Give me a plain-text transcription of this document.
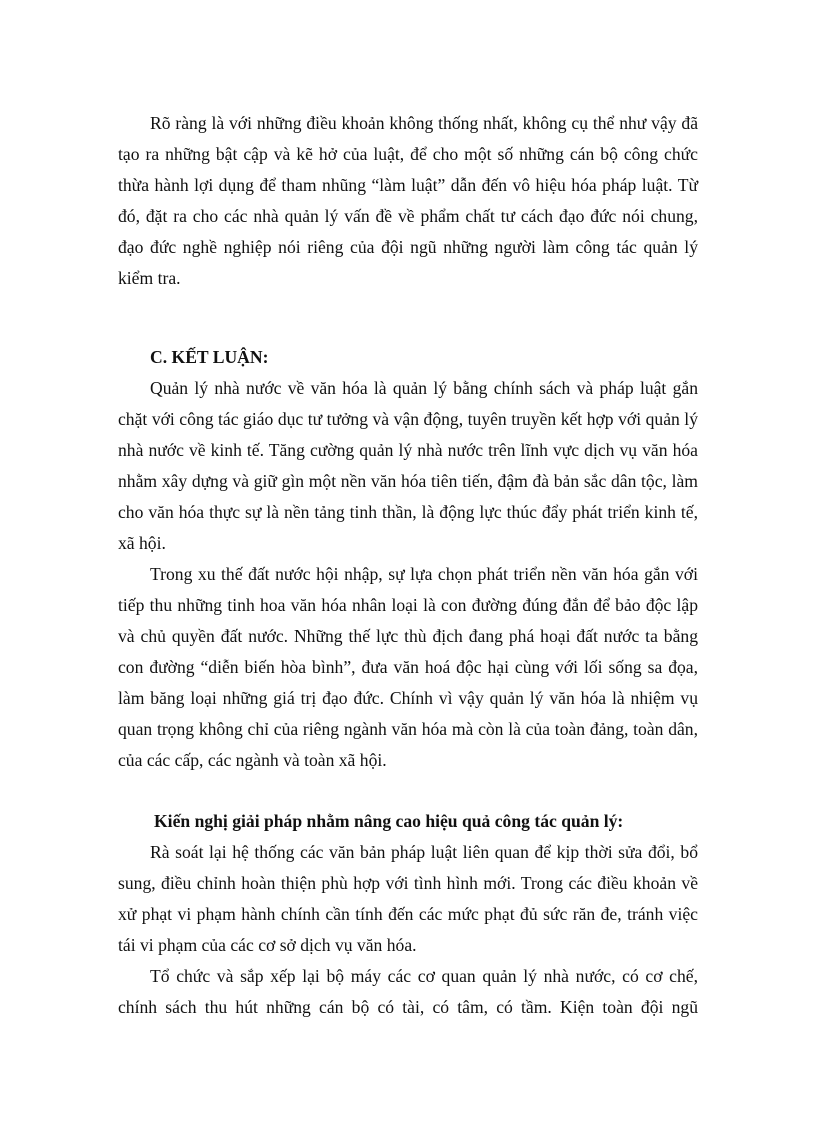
Rõ ràng là với những điều khoản không thống nhất, không cụ thể như vậy đã tạo ra những bật cập và kẽ hở của luật, để cho một số những cán bộ công chức thừa hành lợi dụng để tham nhũng “làm luật” dẫn đến vô hiệu hóa pháp luật. Từ đó, đặt ra cho các nhà quản lý vấn đề về phẩm chất tư cách đạo đức nói chung, đạo đức nghề nghiệp nói riêng của đội ngũ những người làm công tác quản lý kiểm tra.

C. KẾT LUẬN:

Quản lý nhà nước về văn hóa là quản lý bằng chính sách và pháp luật gắn chặt với công tác giáo dục tư tưởng và vận động, tuyên truyền kết hợp với quản lý nhà nước về kinh tế. Tăng cường quản lý nhà nước trên lĩnh vực dịch vụ văn hóa nhằm xây dựng và giữ gìn một nền văn hóa tiên tiến, đậm đà bản sắc dân tộc, làm cho văn hóa thực sự là nền tảng tinh thần, là động lực thúc đẩy phát triển kinh tế, xã hội.

Trong xu thế đất nước hội nhập, sự lựa chọn phát triển nền văn hóa gắn với tiếp thu những tinh hoa văn hóa nhân loại là con đường đúng đắn để bảo độc lập và chủ quyền đất nước. Những thế lực thù địch đang phá hoại đất nước ta bằng con đường “diễn biến hòa bình”, đưa văn hoá độc hại cùng với lối sống sa đọa, làm băng loại những giá trị đạo đức. Chính vì vậy quản lý văn hóa là nhiệm vụ quan trọng không chỉ của riêng ngành văn hóa mà còn là của toàn đảng, toàn dân, của các cấp, các ngành và toàn xã hội.

Kiến nghị giải pháp nhằm nâng cao hiệu quả công tác quản lý:

Rà soát lại hệ thống các văn bản pháp luật liên quan để kịp thời sửa đổi, bổ sung, điều chỉnh hoàn thiện phù hợp với tình hình mới. Trong các điều khoản về xử phạt vi phạm hành chính cần tính đến các mức phạt đủ sức răn đe, tránh việc tái vi phạm của các cơ sở dịch vụ văn hóa.

Tổ chức và sắp xếp lại bộ máy các cơ quan quản lý nhà nước, có cơ chế, chính sách thu hút những cán bộ có tài, có tâm, có tầm. Kiện toàn đội ngũ
